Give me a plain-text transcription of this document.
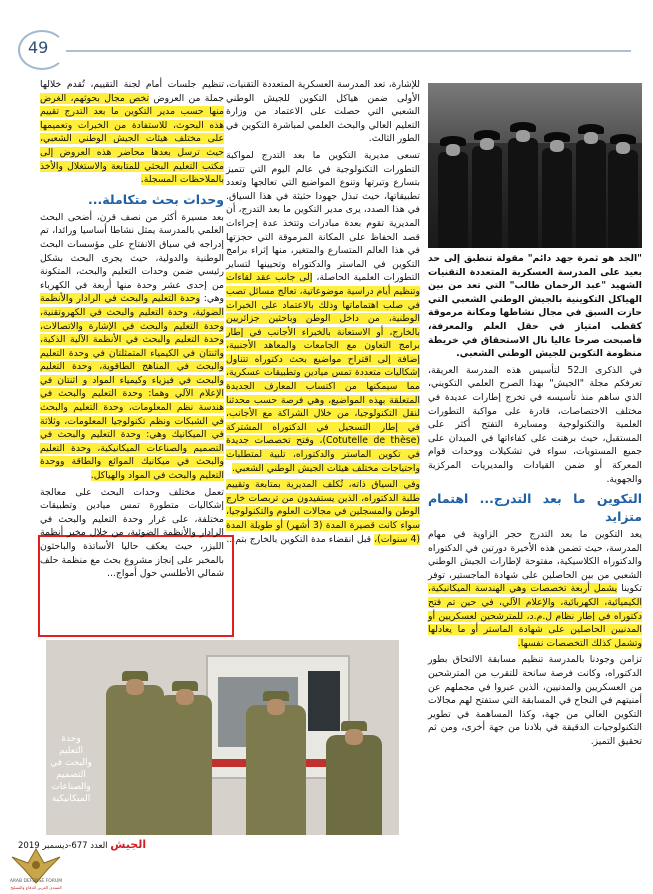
49

"الجد هو ثمرة جهد دائم" مقولة تنطبق إلى حد بعيد على المدرسة العسكرية المتعددة التقنيات الشهيد "عبد الرحمان طالب" التي تعد من بين الهياكل التكوينية بالجيش الوطني الشعبي التي حازت السبق في مجال نشاطها ومكانة مرموقة كقطب امتياز في حقل العلم والمعرفة، فأصبحت صرحا عاليا نال الاستحقاق في خريطة منظومة التكوين للجيش الوطني الشعبي.

في الذكرى الـ52 لتأسيس هذه المدرسة العريقة، تعرفكم مجلة "الجيش" بهذا الصرح العلمي التكويني، الذي ساهم منذ تأسيسه في تخرج إطارات عديدة في مختلف الاختصاصات، قادرة على مواكبة التطورات العلمية والتكنولوجية ومسايرة التفتح أكثر على المستقبل، حيث برهنت على كفاءاتها في الميدان على جميع المستويات، سواء في تشكيلات ووحدات قوام المعركة أو ضمن القيادات والمديريات المركزية والجهوية.

التكوين ما بعد التدرج... اهتمام متزايد

يعد التكوين ما بعد التدرج حجر الزاوية في مهام المدرسة، حيث تضمن هذه الأخيرة دورتين في الدكتوراه والدكتوراه الكلاسيكية، مفتوحة لإطارات الجيش الوطني الشعبي من بين الحاصلين على شهادة الماجستير، توفر تكوينا يشمل أربعة تخصصات وهي الهندسة الميكانيكية، الكيميائية، الكهربائية، والإعلام الآلي، في حين تم فتح دكتوراه في إطار نظام ل.م.د، للمترشحين لعسكريين أو المدنيين الحاصلين على شهادة الماستر أو ما يعادلها وتشمل كذلك التخصصات نفسها.

تزامن وجودنا بالمدرسة تنظيم مسابقة الالتحاق بطور الدكتوراه، وكانت فرصة سانحة للتقرب من المترشحين من العسكريين والمدنيين، الذين عبروا في مجملهم عن أمنيتهم في النجاح في المسابقة التي ستفتح لهم مجالات التكوين العالي من جهة، وكذا المساهمة في تطوير التكنولوجيات الدقيقة في بلادنا من جهة أخرى، ومن ثم تحقيق التميز.

للإشارة، تعد المدرسة العسكرية المتعددة التقنيات، الأولى ضمن هياكل التكوين للجيش الوطني الشعبي التي حصلت على الاعتماد من وزارة التعليم العالي والبحث العلمي لمباشرة التكوين في الطور الثالث.

تسعى مديرية التكوين ما بعد التدرج لمواكبة التطورات التكنولوجية في عالم اليوم التي تتميز بتسارع وتيرتها وتنوع المواضيع التي تعالجها وتعدد تطبيقاتها، حيث تبذل جهودا حثيثة في هذا السياق. في هذا الصدد، يرى مدير التكوين ما بعد التدرج، أن المديرية تقوم بعدة مبادرات وتتخذ عدة إجراءات قصد الحفاظ على المكانة المرموقة التي حجزتها في هذا العالم المتسارع والمتغير، منها إثراء برامج التكوين في الماستر والدكتوراه وتحيينها لتساير التطورات العلمية الحاصلة، إلى جانب عقد لقاءات وتنظيم أيام دراسية موضوعاتية، تعالج مسائل تصب في صلب اهتماماتها وذلك بالاعتماد على الخبرات الوطنية، من داخل الوطن وباحثين جزائريين بالخارج، أو الاستعانة بالخبراء الأجانب في إطار برامج التعاون مع الجامعات والمعاهد الأجنبية، إضافة إلى اقتراح مواضيع بحث دكتوراه تتناول إشكاليات متعددة تمس ميادين وتطبيقات عسكرية، مما سيمكنها من اكتساب المعارف الجديدة المتعلقة بهذه المواضيع، وهي فرصة حسب محدثنا لنقل التكنولوجيا، من خلال الشراكة مع الأجانب، في إطار التسجيل في الدكتوراه المشتركة (Cotutelle de thèse)، وفتح تخصصات جديدة في تكوين الماستر والدكتوراه، تلبية لمتطلبات واحتياجات مختلف هيئات الجيش الوطني الشعبي.

وفي السياق ذاته، تُكلف المديرية بمتابعة وتقييم طلبة الدكتوراه، الذين يستفيدون من تربصات خارج الوطن والمسجلين في مجالات العلوم والتكنولوجيا، سواء كانت قصيرة المدة (3 أشهر) أو طويلة المدة (4 سنوات)، قبل انقضاء مدة التكوين بالخارج بتم...

تنظيم جلسات أمام لجنة التقييم، تُقدم خلالها جملة من العروض تخص مجال بحوثهم، الغرض منها حسب مدير التكوين ما بعد التدرج تقييم هذه البحوث، للاستفادة من الخبرات وتعميمها على مختلف هيئات الجيش الوطني الشعبي، حيث ترسل بعدها محاضر هذه العروض إلى مكتب التعليم البحثي للمتابعة والاستغلال والأخذ بالملاحظات المسجلة.

وحدات بحث متكاملة...

بعد مسيرة أكثر من نصف قرن، أضحى البحث العلمي بالمدرسة يمثل نشاطا أساسيا ورائدا، تم إدراجه في سياق الانفتاح على مؤسسات البحث الوطنية والدولية، حيث يجرى البحث بشكل رئيسي ضمن وحدات التعليم والبحث، المتكونة من إحدى عشر وحدة منها أربعة في الكهرباء وهي: وحدة التعليم والبحث في الرادار والأنظمة الضوئية، وحدة التعليم والبحث في الكهروتقنية، وحدة التعليم والبحث في الإشارة والاتصالات، وحدة التعليم والبحث في الأنظمة الآلية الذكية، واثنتان في الكيمياء المتمثلتان في وحدة التعليم والبحث في المناهج الطاقوية، وحدة التعليم والبحث في فيزياء وكيمياء المواد و اثنتان في الإعلام الآلي وهما: وحدة التعليم والبحث في هندسة نظم المعلومات، وحدة التعليم والبحث في الشبكات ونظم تكنولوجيا المعلومات، وثلاثة في الميكانيك وهي: وحدة التعليم والبحث في التصميم والصناعات الميكانيكية، وحدة التعليم والبحث في ميكانيك الموائع والطاقة ووحدة التعليم والبحث في المواد والهياكل.

تعمل مختلف وحدات البحث على معالجة إشكاليات متطورة تمس ميادين وتطبيقات مختلفة، على غرار وحدة التعليم والبحث في الرادار والأنظمة الضوئية، من خلال مخبر أنظمة الليزر، حيث يعكف حاليا الأساتذة والباحثون بالمخبر على إنجاز مشروع بحث مع منظمة حلف شمالي الأطلسي حول أمواج...

وحدة التعليم والبحث في التصميم والصناعات الميكانيكية
الجيش العدد 677-ديسمبر 2019
ARAB DEFENSE FORUM
المنتدى العربي للدفاع والتسليح
